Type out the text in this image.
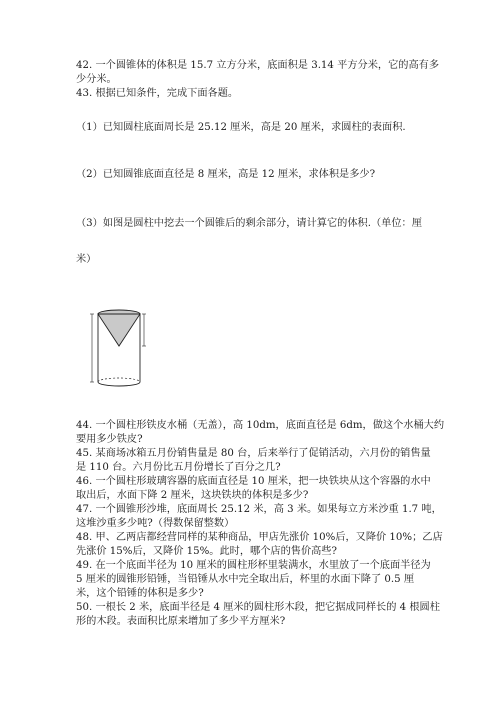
42. 一个圆锥体的体积是 15.7 立方分米，底面积是 3.14 平方分米，它的高有多
少分米。
43. 根据已知条件，完成下面各题。
（1）已知圆柱底面周长是 25.12 厘米，高是 20 厘米，求圆柱的表面积.
（2）已知圆锥底面直径是 8 厘米，高是 12 厘米，求体积是多少?
（3）如图是圆柱中挖去一个圆锥后的剩余部分，请计算它的体积.（单位：厘
米）
44. 一个圆柱形铁皮水桶（无盖），高 10dm，底面直径是 6dm，做这个水桶大约
要用多少铁皮?
45. 某商场冰箱五月份销售量是 80 台，后来举行了促销活动，六月份的销售量
是 110 台。六月份比五月份增长了百分之几?
46. 一个圆柱形玻璃容器的底面直径是 10 厘米，把一块铁块从这个容器的水中
取出后，水面下降 2 厘米，这块铁块的体积是多少?
47. 一个圆锥形沙堆，底面周长 25.12 米，高 3 米。如果每立方米沙重 1.7 吨，
这堆沙重多少吨?（得数保留整数）
48. 甲、乙两店都经营同样的某种商品，甲店先涨价 10%后，又降价 10%；乙店
先涨价 15%后，又降价 15%。此时，哪个店的售价高些?
49. 在一个底面半径为 10 厘米的圆柱形杯里装满水，水里放了一个底面半径为
5 厘米的圆锥形铅锤，当铅锤从水中完全取出后，杯里的水面下降了 0.5 厘
米，这个铅锤的体积是多少?
50. 一根长 2 米，底面半径是 4 厘米的圆柱形木段，把它据成同样长的 4 根圆柱
形的木段。表面积比原来增加了多少平方厘米?
